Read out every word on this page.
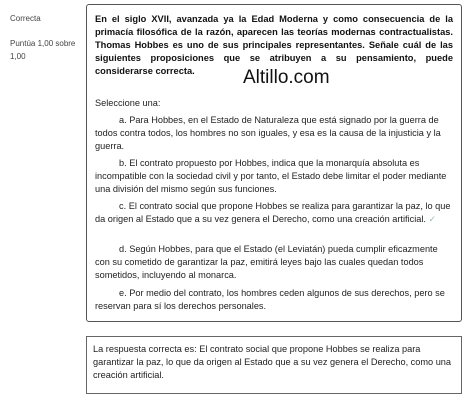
Correcta
Puntúa 1,00 sobre 1,00
En el siglo XVII, avanzada ya la Edad Moderna y como consecuencia de la primacía filosófica de la razón, aparecen las teorías modernas contractualistas. Thomas Hobbes es uno de sus principales representantes. Señale cuál de las siguientes proposiciones que se atribuyen a su pensamiento, puede considerarse correcta.	Altillo.com
Seleccione una:
a. Para Hobbes, en el Estado de Naturaleza que está signado por la guerra de todos contra todos, los hombres no son iguales, y esa es la causa de la injusticia y la guerra.
b. El contrato propuesto por Hobbes, indica que la monarquía absoluta es incompatible con la sociedad civil y por tanto, el Estado debe limitar el poder mediante una división del mismo según sus funciones.
c. El contrato social que propone Hobbes se realiza para garantizar la paz, lo que da origen al Estado que a su vez genera el Derecho, como una creación artificial. ✓
d. Según Hobbes, para que el Estado (el Leviatán) pueda cumplir eficazmente con su cometido de garantizar la paz, emitirá leyes bajo las cuales quedan todos sometidos, incluyendo al monarca.
e. Por medio del contrato, los hombres ceden algunos de sus derechos, pero se reservan para sí los derechos personales.
La respuesta correcta es: El contrato social que propone Hobbes se realiza para garantizar la paz, lo que da origen al Estado que a su vez genera el Derecho, como una creación artificial.
